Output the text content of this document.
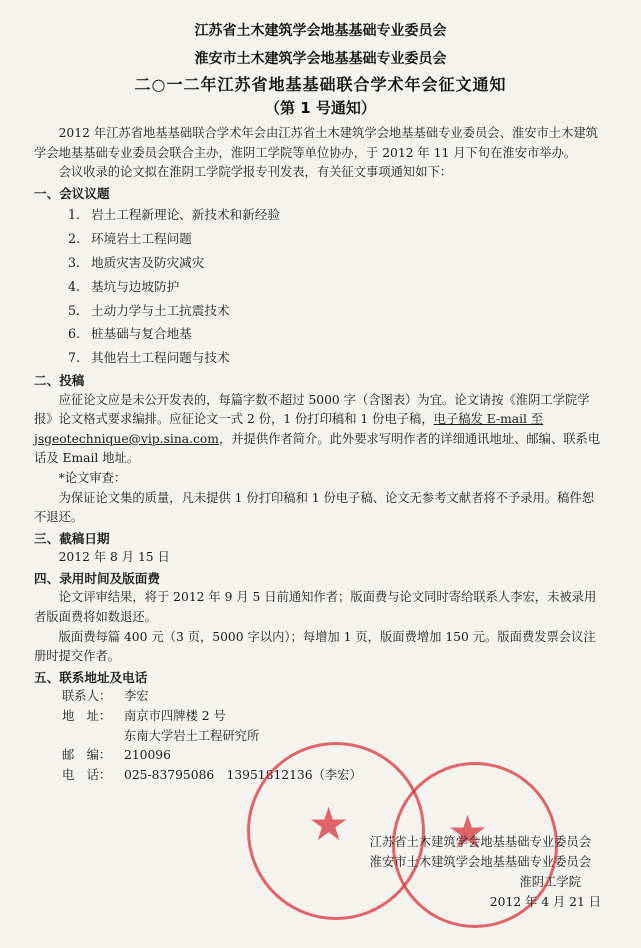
江苏省土木建筑学会地基基础专业委员会
淮安市土木建筑学会地基基础专业委员会
二○一二年江苏省地基基础联合学术年会征文通知
（第 1 号通知）

2012 年江苏省地基基础联合学术年会由江苏省土木建筑学会地基基础专业委员会、淮安市土木建筑学会地基基础专业委员会联合主办，淮阴工学院等单位协办，于 2012 年 11 月下旬在淮安市举办。

会议收录的论文拟在淮阴工学院学报专刊发表，有关征文事项通知如下：

一、会议议题
1. 岩土工程新理论、新技术和新经验
2. 环境岩土工程问题
3. 地质灾害及防灾减灾
4. 基坑与边坡防护
5. 土动力学与土工抗震技术
6. 桩基础与复合地基
7. 其他岩土工程问题与技术
二、投稿

应征论文应是未公开发表的，每篇字数不超过 5000 字（含图表）为宜。论文请按《淮阴工学院学报》论文格式要求编排。应征论文一式 2 份，1 份打印稿和 1 份电子稿，电子稿发 E-mail 至 jsgeotechnique@vip.sina.com，并提供作者简介。此外要求写明作者的详细通讯地址、邮编、联系电话及 Email 地址。

*论文审查：

为保证论文集的质量，凡未提供 1 份打印稿和 1 份电子稿、论文无参考文献者将不予录用。稿件恕不退还。

三、截稿日期

2012 年 8 月 15 日

四、录用时间及版面费

论文评审结果，将于 2012 年 9 月 5 日前通知作者；版面费与论文同时寄给联系人李宏，未被录用者版面费将如数退还。

版面费每篇 400 元（3 页，5000 字以内）；每增加 1 页，版面费增加 150 元。版面费发票会议注册时提交作者。

五、联系地址及电话
联系人：	李宏
地　址：	南京市四牌楼 2 号
东南大学岩土工程研究所
邮　编：	210096
电　话：	025-83795086　13951812136（李宏）
★ ★
江苏省土木建筑学会地基基础专业委员会
淮安市土木建筑学会地基基础专业委员会
淮阴工学院
2012 年 4 月 21 日
